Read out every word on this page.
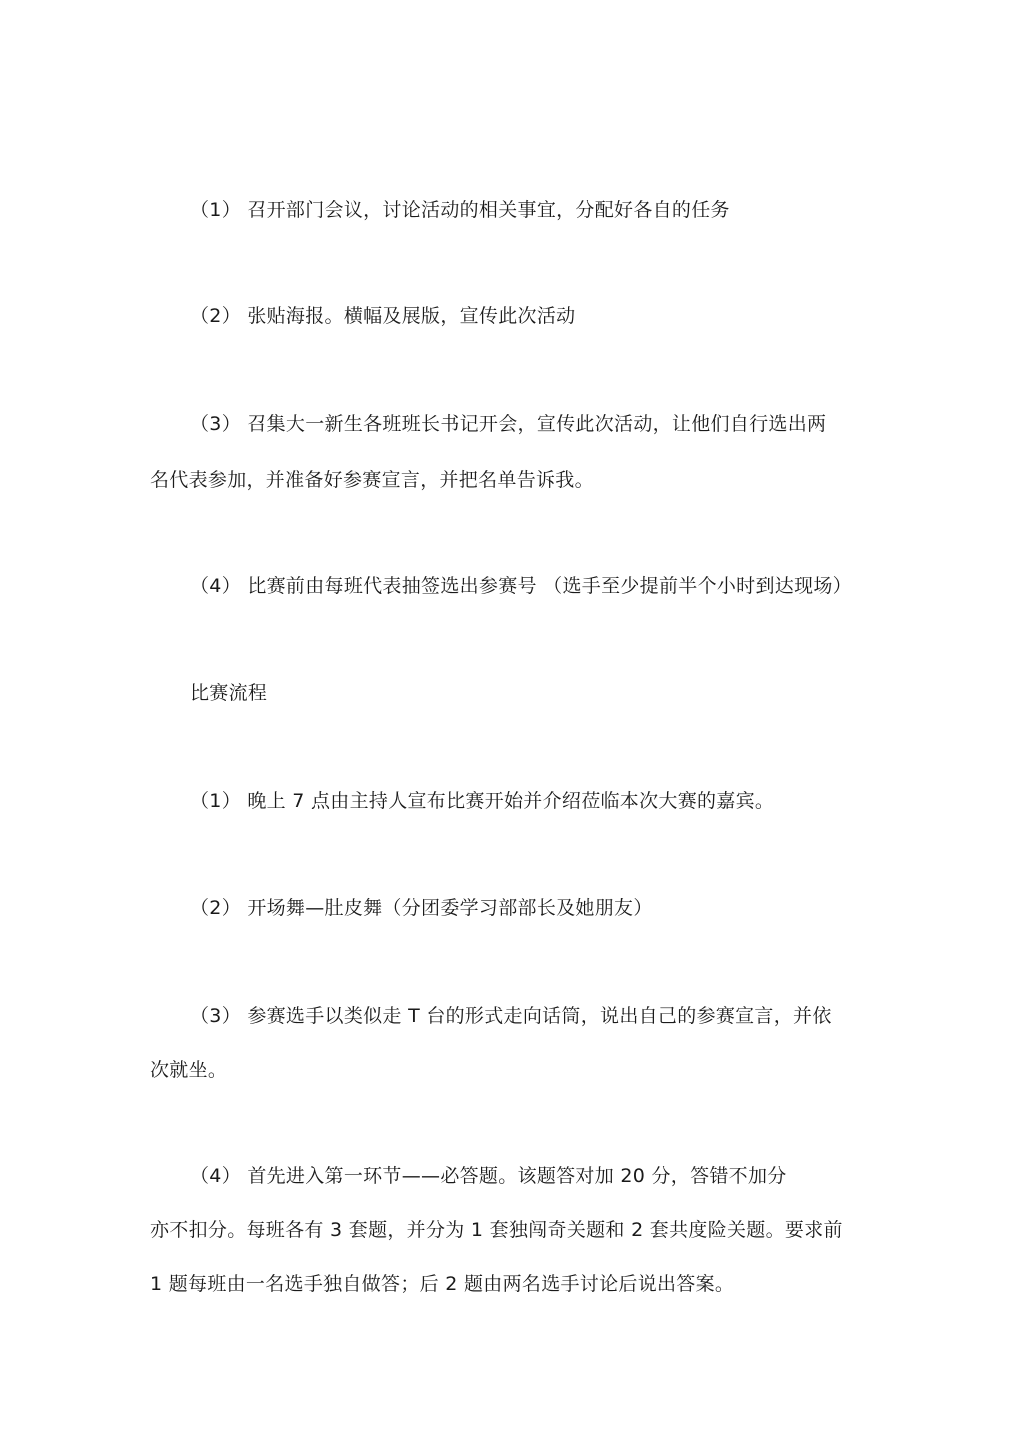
（1） 召开部门会议，讨论活动的相关事宜，分配好各自的任务
（2） 张贴海报。横幅及展版，宣传此次活动
（3） 召集大一新生各班班长书记开会，宣传此次活动，让他们自行选出两
名代表参加，并准备好参赛宣言，并把名单告诉我。
（4） 比赛前由每班代表抽签选出参赛号 （选手至少提前半个小时到达现场）
比赛流程
（1） 晚上 7 点由主持人宣布比赛开始并介绍莅临本次大赛的嘉宾。
（2） 开场舞—肚皮舞（分团委学习部部长及她朋友）
（3） 参赛选手以类似走 T 台的形式走向话筒，说出自己的参赛宣言，并依
次就坐。
（4） 首先进入第一环节——必答题。该题答对加 20 分，答错不加分
亦不扣分。每班各有 3 套题，并分为 1 套独闯奇关题和 2 套共度险关题。要求前
1 题每班由一名选手独自做答；后 2 题由两名选手讨论后说出答案。
